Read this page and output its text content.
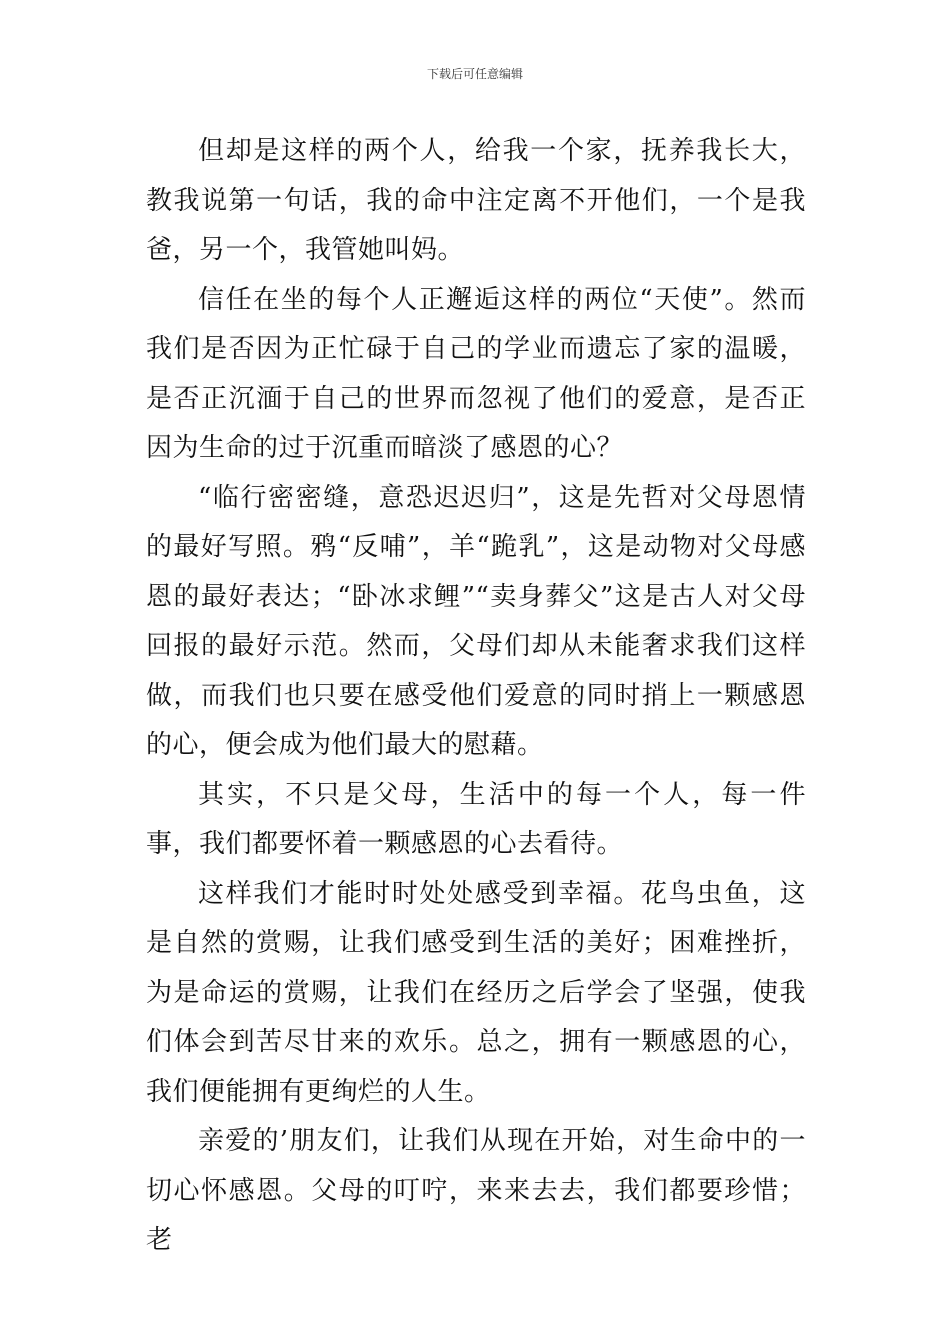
下载后可任意编辑

但却是这样的两个人，给我一个家，抚养我长大，教我说第一句话，我的命中注定离不开他们，一个是我爸，另一个，我管她叫妈。

信任在坐的每个人正邂逅这样的两位“天使”。然而我们是否因为正忙碌于自己的学业而遗忘了家的温暖，是否正沉湎于自己的世界而忽视了他们的爱意，是否正因为生命的过于沉重而暗淡了感恩的心？

“临行密密缝，意恐迟迟归”，这是先哲对父母恩情的最好写照。鸦“反哺”，羊“跪乳”，这是动物对父母感恩的最好表达；“卧冰求鲤”“卖身葬父”这是古人对父母回报的最好示范。然而，父母们却从未能奢求我们这样做，而我们也只要在感受他们爱意的同时捎上一颗感恩的心，便会成为他们最大的慰藉。

其实，不只是父母，生活中的每一个人，每一件事，我们都要怀着一颗感恩的心去看待。

这样我们才能时时处处感受到幸福。花鸟虫鱼，这是自然的赏赐，让我们感受到生活的美好；困难挫折，为是命运的赏赐，让我们在经历之后学会了坚强，使我们体会到苦尽甘来的欢乐。总之，拥有一颗感恩的心，我们便能拥有更绚烂的人生。

亲爱的’朋友们，让我们从现在开始，对生命中的一切心怀感恩。父母的叮咛，来来去去，我们都要珍惜；老
